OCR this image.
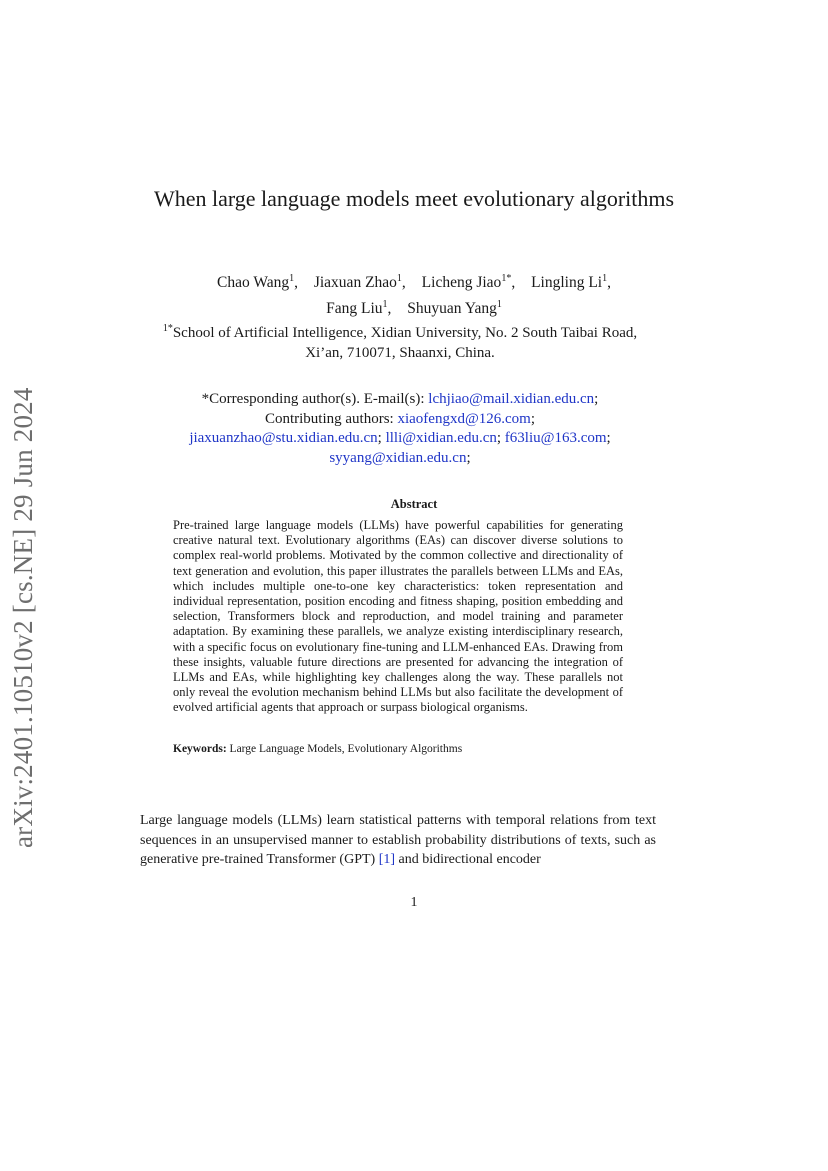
arXiv:2401.10510v2 [cs.NE] 29 Jun 2024
When large language models meet evolutionary algorithms
Chao Wang$^1$, Jiaxuan Zhao$^1$, Licheng Jiao$^{1*}$, Lingling Li$^1$,
Fang Liu$^1$, Shuyuan Yang$^1$
$^{1*}$School of Artificial Intelligence, Xidian University, No. 2 South Taibai Road, Xi’an, 710071, Shaanxi, China.
*Corresponding author(s). E-mail(s): lchjiao@mail.xidian.edu.cn;
Contributing authors: xiaofengxd@126.com;
jiaxuanzhao@stu.xidian.edu.cn; llli@xidian.edu.cn; f63liu@163.com;
syyang@xidian.edu.cn;
Abstract

Pre-trained large language models (LLMs) have powerful capabilities for generating creative natural text. Evolutionary algorithms (EAs) can discover diverse solutions to complex real-world problems. Motivated by the common collective and directionality of text generation and evolution, this paper illustrates the parallels between LLMs and EAs, which includes multiple one-to-one key characteristics: token representation and individual representation, position encoding and fitness shaping, position embedding and selection, Transformers block and reproduction, and model training and parameter adaptation. By examining these parallels, we analyze existing interdisciplinary research, with a specific focus on evolutionary fine-tuning and LLM-enhanced EAs. Drawing from these insights, valuable future directions are presented for advancing the integration of LLMs and EAs, while highlighting key challenges along the way. These parallels not only reveal the evolution mechanism behind LLMs but also facilitate the development of evolved artificial agents that approach or surpass biological organisms.

Keywords: Large Language Models, Evolutionary Algorithms

Large language models (LLMs) learn statistical patterns with temporal relations from text sequences in an unsupervised manner to establish probability distributions of texts, such as generative pre-trained Transformer (GPT) [1] and bidirectional encoder

1
